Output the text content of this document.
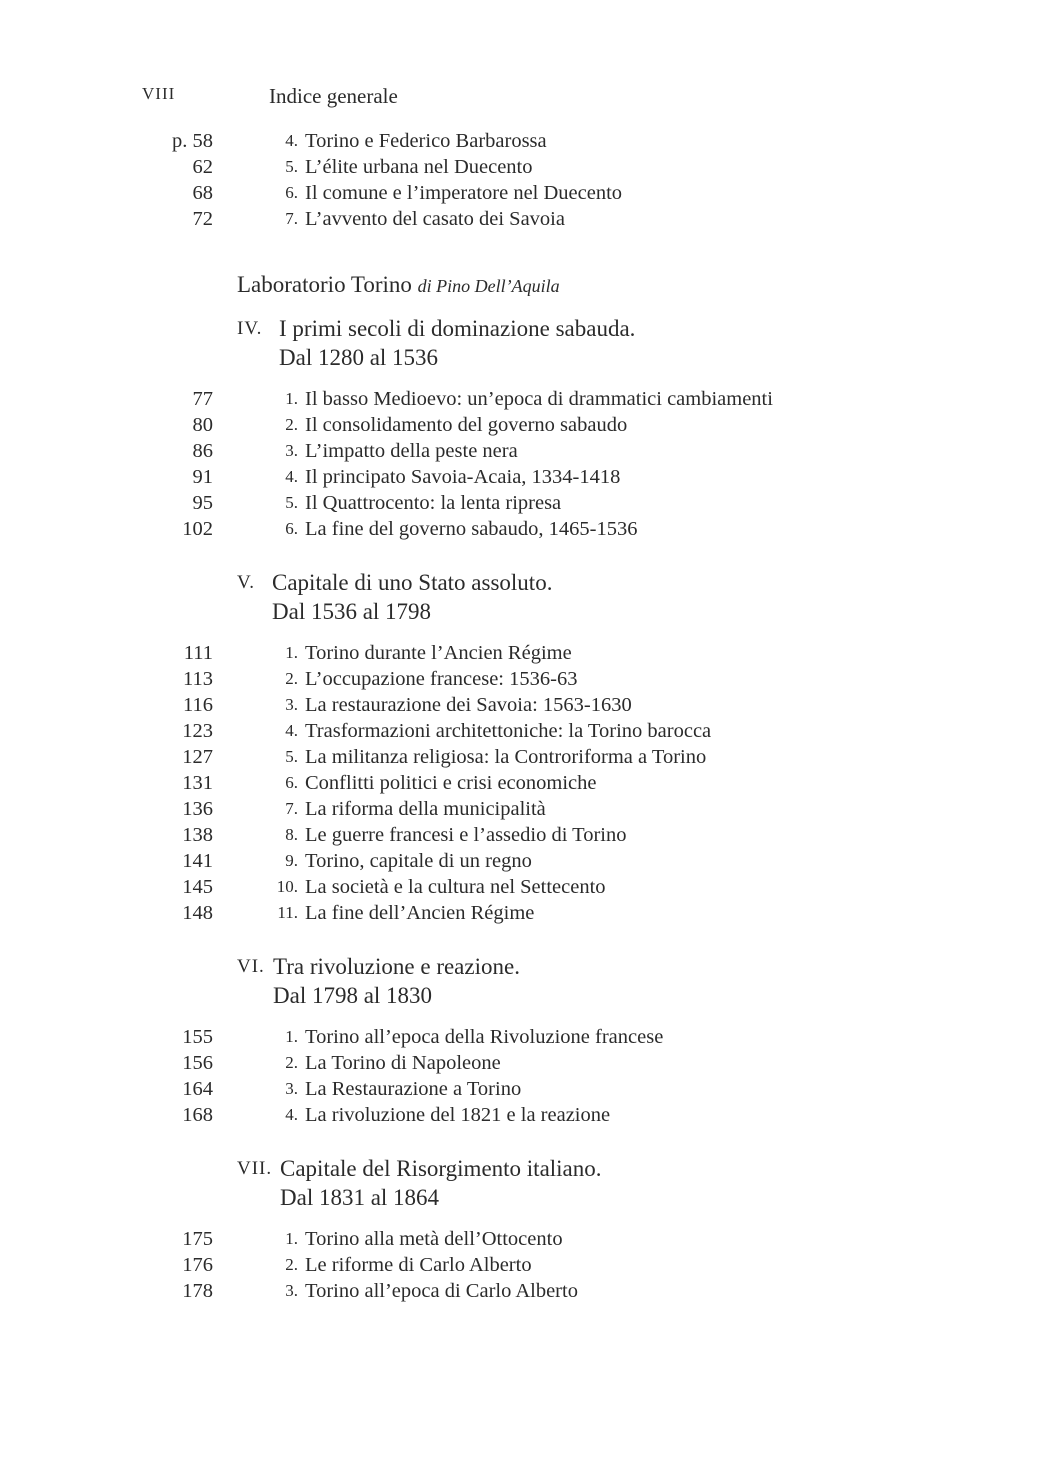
VIII	Indice generale
p. 58	4. Torino e Federico Barbarossa
62	5. L’élite urbana nel Duecento
68	6. Il comune e l’imperatore nel Duecento
72	7. L’avvento del casato dei Savoia
Laboratorio Torino di Pino Dell’Aquila
IV. I primi secoli di dominazione sabauda.
Dal 1280 al 1536
77	1. Il basso Medioevo: un’epoca di drammatici cambiamenti
80	2. Il consolidamento del governo sabaudo
86	3. L’impatto della peste nera
91	4. Il principato Savoia-Acaia, 1334-1418
95	5. Il Quattrocento: la lenta ripresa
102	6. La fine del governo sabaudo, 1465-1536
V. Capitale di uno Stato assoluto.
Dal 1536 al 1798
111	1. Torino durante l’Ancien Régime
113	2. L’occupazione francese: 1536-63
116	3. La restaurazione dei Savoia: 1563-1630
123	4. Trasformazioni architettoniche: la Torino barocca
127	5. La militanza religiosa: la Controriforma a Torino
131	6. Conflitti politici e crisi economiche
136	7. La riforma della municipalità
138	8. Le guerre francesi e l’assedio di Torino
141	9. Torino, capitale di un regno
145	10. La società e la cultura nel Settecento
148	11. La fine dell’Ancien Régime
VI. Tra rivoluzione e reazione.
Dal 1798 al 1830
155	1. Torino all’epoca della Rivoluzione francese
156	2. La Torino di Napoleone
164	3. La Restaurazione a Torino
168	4. La rivoluzione del 1821 e la reazione
VII. Capitale del Risorgimento italiano.
Dal 1831 al 1864
175	1. Torino alla metà dell’Ottocento
176	2. Le riforme di Carlo Alberto
178	3. Torino all’epoca di Carlo Alberto
